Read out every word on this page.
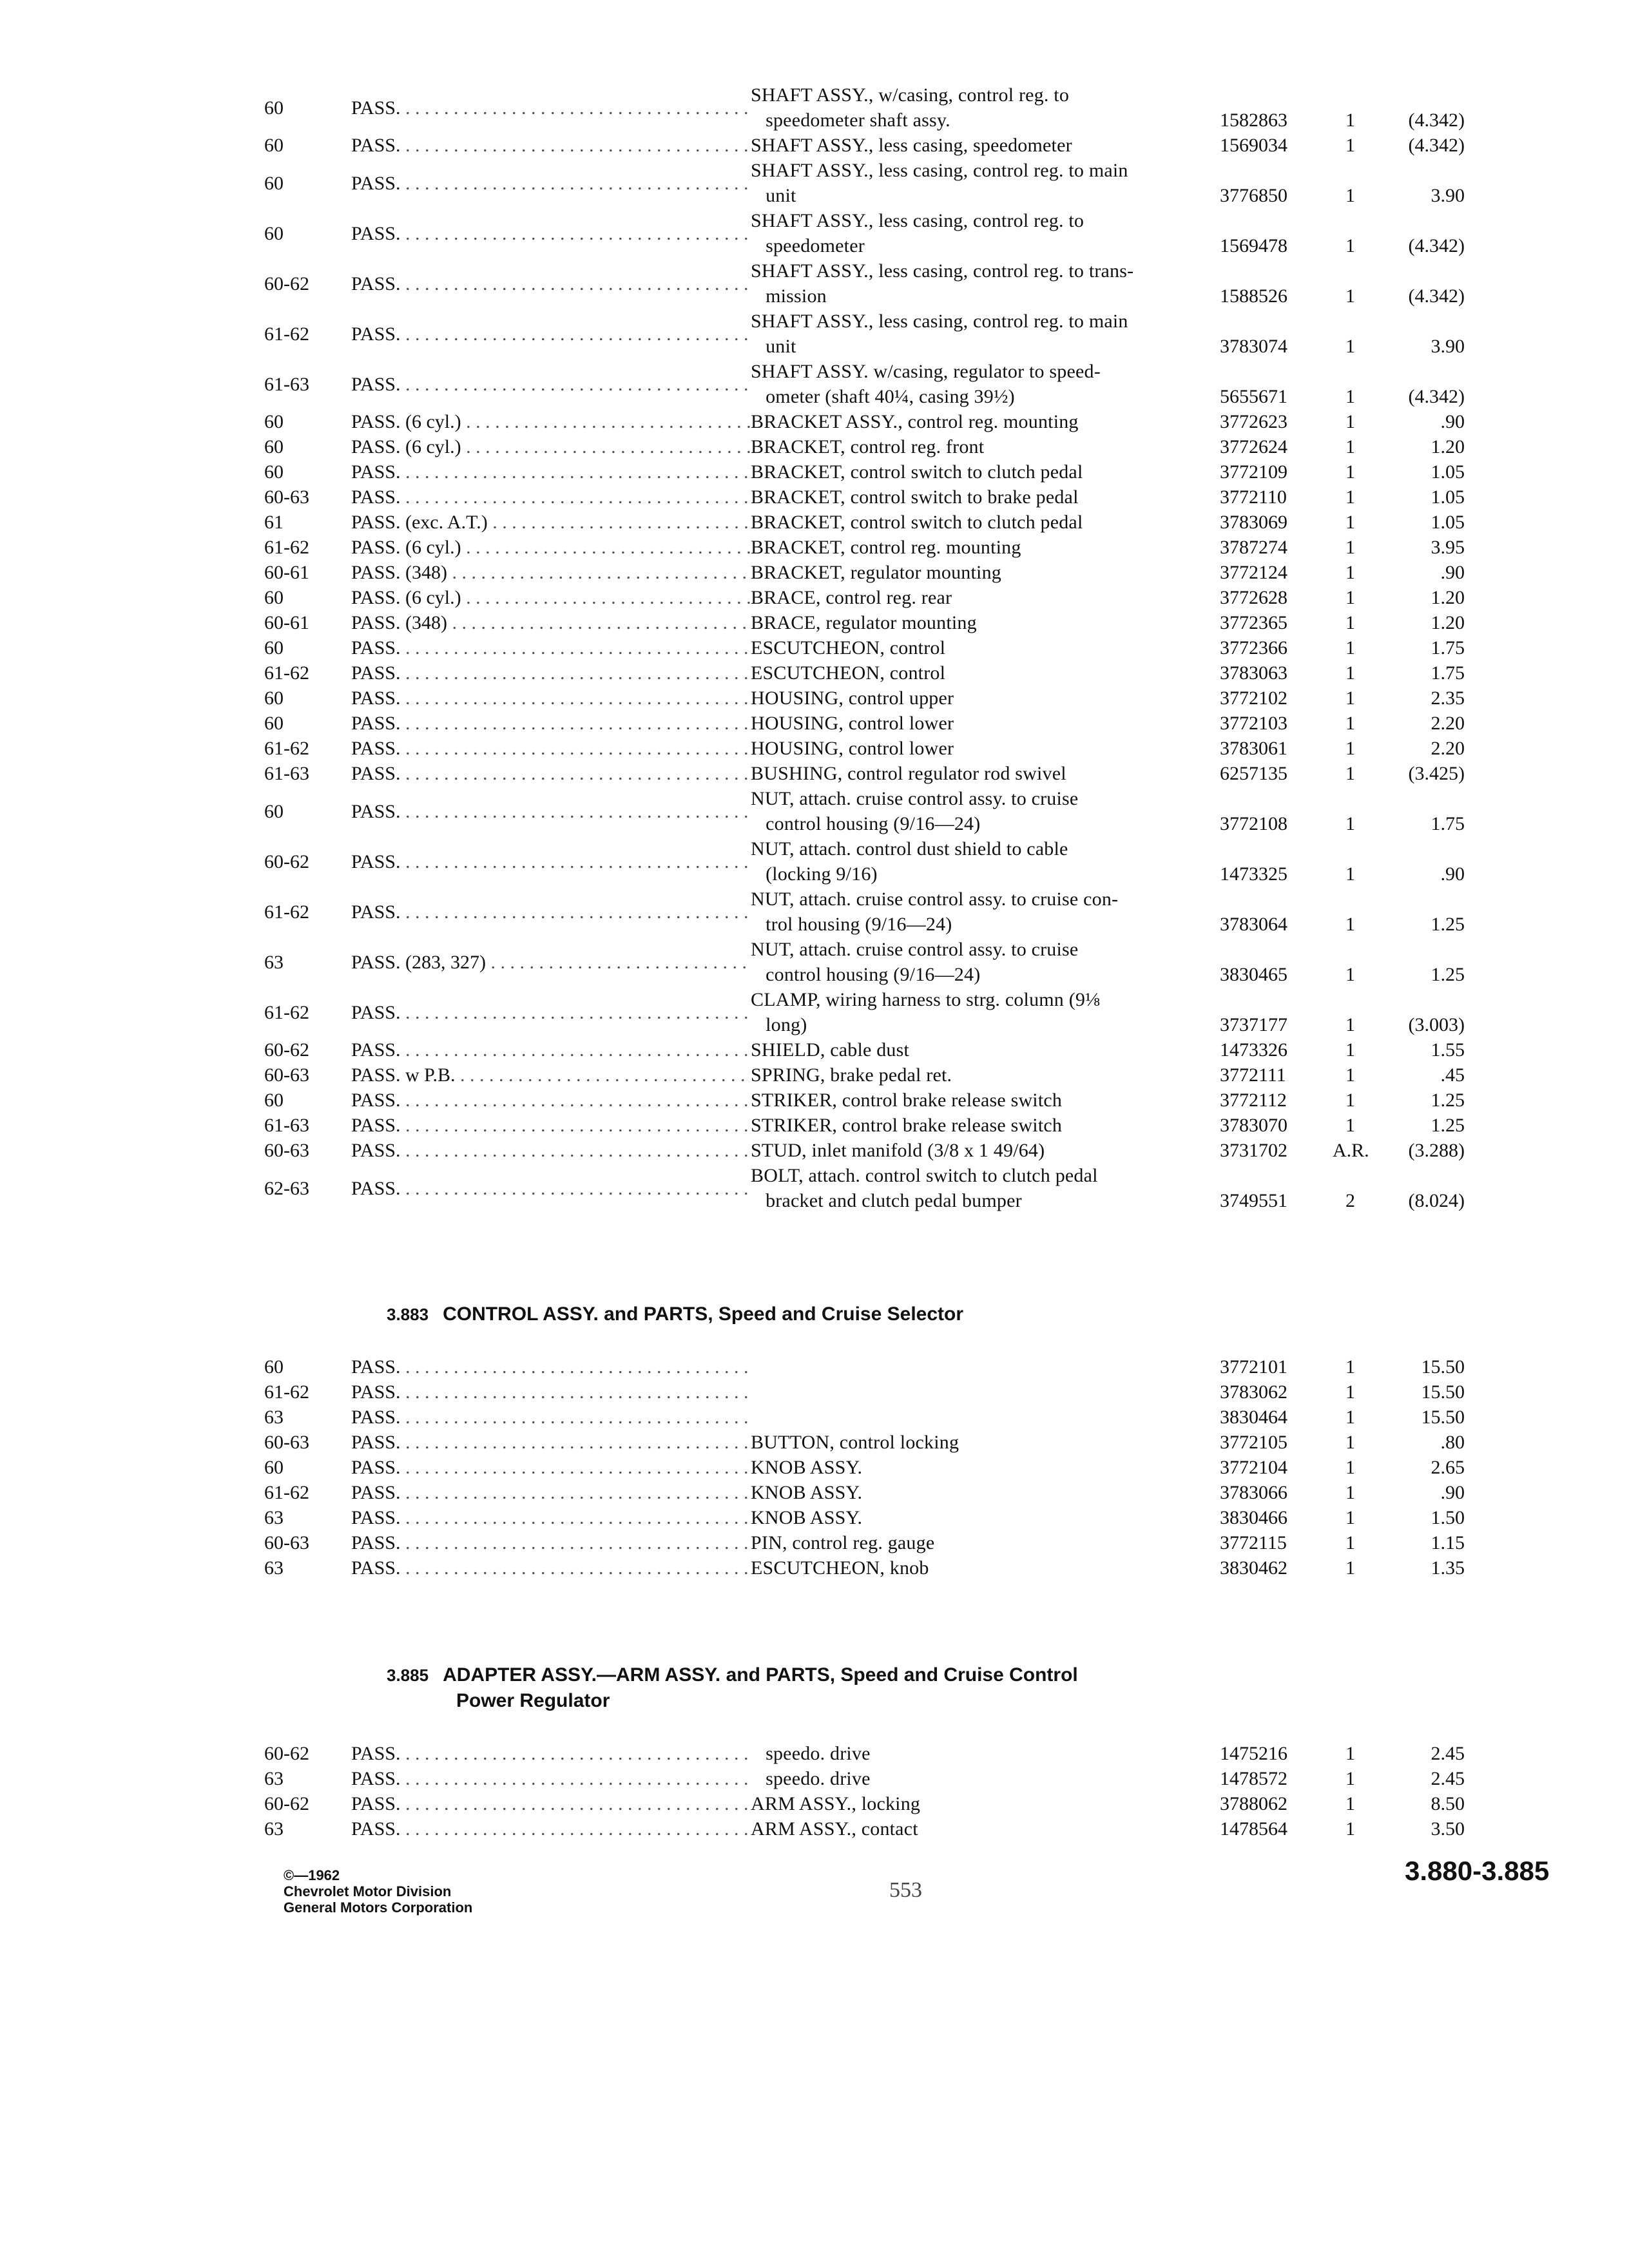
60	PASS. . . .
SHAFT ASSY., w/casing, control reg. to
speedometer shaft assy.	1582863	1	(4.342)
60	PASS. . . .	SHAFT ASSY., less casing, speedometer	1569034	1	(4.342)
60	PASS. . . .
SHAFT ASSY., less casing, control reg. to main
unit	3776850	1	3.90
60	PASS. . . .
SHAFT ASSY., less casing, control reg. to
speedometer	1569478	1	(4.342)
60-62	PASS. . . .
SHAFT ASSY., less casing, control reg. to trans-
mission	1588526	1	(4.342)
61-62	PASS. . . .
SHAFT ASSY., less casing, control reg. to main
unit	3783074	1	3.90
61-63	PASS. . . .
SHAFT ASSY. w/casing, regulator to speed-
ometer (shaft 40¼, casing 39½)	5655671	1	(4.342)
60	PASS. (6 cyl.) . . .	BRACKET ASSY., control reg. mounting	3772623	1	.90
60	PASS. (6 cyl.) . . .	BRACKET, control reg. front	3772624	1	1.20
60	PASS. . . .	BRACKET, control switch to clutch pedal	3772109	1	1.05
60-63	PASS. . . .	BRACKET, control switch to brake pedal	3772110	1	1.05
61	PASS. (exc. A.T.) . . .	BRACKET, control switch to clutch pedal	3783069	1	1.05
61-62	PASS. (6 cyl.) . . .	BRACKET, control reg. mounting	3787274	1	3.95
60-61	PASS. (348) . . .	BRACKET, regulator mounting	3772124	1	.90
60	PASS. (6 cyl.) . . .	BRACE, control reg. rear	3772628	1	1.20
60-61	PASS. (348) . . .	BRACE, regulator mounting	3772365	1	1.20
60	PASS. . . .	ESCUTCHEON, control	3772366	1	1.75
61-62	PASS. . . .	ESCUTCHEON, control	3783063	1	1.75
60	PASS. . . .	HOUSING, control upper	3772102	1	2.35
60	PASS. . . .	HOUSING, control lower	3772103	1	2.20
61-62	PASS. . . .	HOUSING, control lower	3783061	1	2.20
61-63	PASS. . . .	BUSHING, control regulator rod swivel	6257135	1	(3.425)
60	PASS. . . .
NUT, attach. cruise control assy. to cruise
control housing (9/16—24)	3772108	1	1.75
60-62	PASS. . . .
NUT, attach. control dust shield to cable
(locking 9/16)	1473325	1	.90
61-62	PASS. . . .
NUT, attach. cruise control assy. to cruise con-
trol housing (9/16—24)	3783064	1	1.25
63	PASS. (283, 327) . . .
NUT, attach. cruise control assy. to cruise
control housing (9/16—24)	3830465	1	1.25
61-62	PASS. . . .
CLAMP, wiring harness to strg. column (9⅛
long)	3737177	1	(3.003)
60-62	PASS. . . .	SHIELD, cable dust	1473326	1	1.55
60-63	PASS. w P.B. . . .	SPRING, brake pedal ret.	3772111	1	.45
60	PASS. . . .	STRIKER, control brake release switch	3772112	1	1.25
61-63	PASS. . . .	STRIKER, control brake release switch	3783070	1	1.25
60-63	PASS. . . .	STUD, inlet manifold (3/8 x 1 49/64)	3731702	A.R.	(3.288)
62-63	PASS. . . .
BOLT, attach. control switch to clutch pedal
bracket and clutch pedal bumper	3749551	2	(8.024)
3.883 CONTROL ASSY. and PARTS, Speed and Cruise Selector
60	PASS. . . .	3772101	1	15.50
61-62	PASS. . . .	3783062	1	15.50
63	PASS. . . .	3830464	1	15.50
60-63	PASS. . . .	BUTTON, control locking	3772105	1	.80
60	PASS. . . .	KNOB ASSY.	3772104	1	2.65
61-62	PASS. . . .	KNOB ASSY.	3783066	1	.90
63	PASS. . . .	KNOB ASSY.	3830466	1	1.50
60-63	PASS. . . .	PIN, control reg. gauge	3772115	1	1.15
63	PASS. . . .	ESCUTCHEON, knob	3830462	1	1.35
3.885 ADAPTER ASSY.—ARM ASSY. and PARTS, Speed and Cruise Control
Power Regulator
60-62	PASS. . . .	speedo. drive	1475216	1	2.45
63	PASS. . . .	speedo. drive	1478572	1	2.45
60-62	PASS. . . .	ARM ASSY., locking	3788062	1	8.50
63	PASS. . . .	ARM ASSY., contact	1478564	1	3.50
©—1962
Chevrolet Motor Division
General Motors Corporation
553
3.880-3.885
